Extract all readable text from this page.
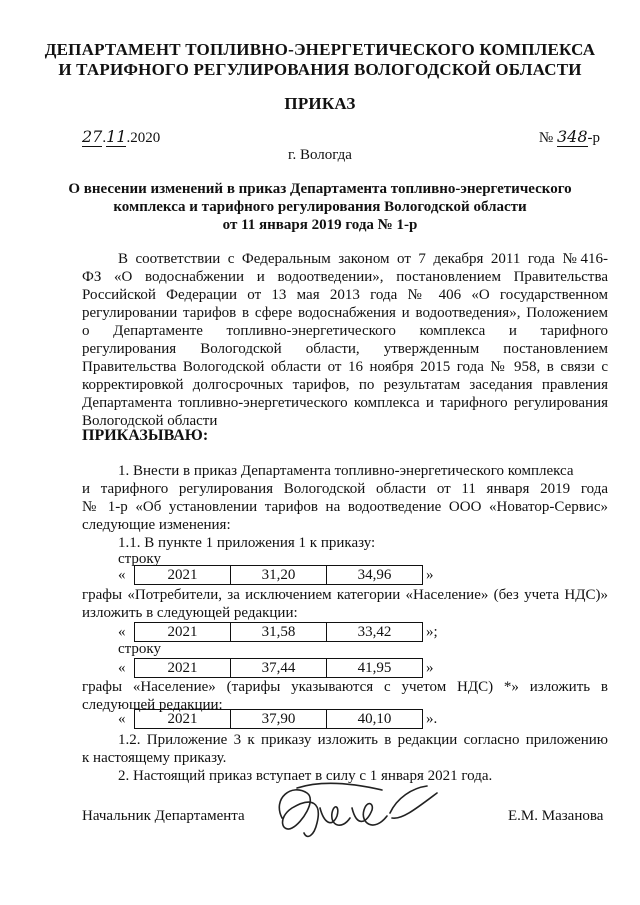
ДЕПАРТАМЕНТ ТОПЛИВНО-ЭНЕРГЕТИЧЕСКОГО КОМПЛЕКСА
И ТАРИФНОГО РЕГУЛИРОВАНИЯ ВОЛОГОДСКОЙ ОБЛАСТИ
ПРИКАЗ
27.11.2020	№ 348-р
г. Вологда
О внесении изменений в приказ Департамента топливно-энергетического
комплекса и тарифного регулирования Вологодской области
от 11 января 2019 года № 1-р
В соответствии с Федеральным законом от 7 декабря 2011 года №416-
ФЗ «О водоснабжении и водоотведении», постановлением Правительства
Российской Федерации от 13 мая 2013 года № 406 «О государственном
регулировании тарифов в сфере водоснабжения и водоотведения», Положением
о Департаменте топливно-энергетического комплекса и тарифного
регулирования Вологодской области, утвержденным постановлением
Правительства Вологодской области от 16 ноября 2015 года № 958, в связи с
корректировкой долгосрочных тарифов, по результатам заседания правления
Департамента топливно-энергетического комплекса и тарифного регулирования
Вологодской области
ПРИКАЗЫВАЮ:
1. Внести в приказ Департамента топливно-энергетического комплекса
и тарифного регулирования Вологодской области от 11 января 2019 года
№ 1-р «Об установлении тарифов на водоотведение ООО «Новатор-Сервис»
следующие изменения:
1.1. В пункте 1 приложения 1 к приказу:
строку
«	2021	31,20	34,96 »
графы «Потребители, за исключением категории «Население» (без учета НДС)»
изложить в следующей редакции:
«	2021	31,58	33,42 »;
строку
«	2021	37,44	41,95 »
графы «Население» (тарифы указываются с учетом НДС) *» изложить в
следующей редакции:
«	2021	37,90	40,10 ».
1.2. Приложение 3 к приказу изложить в редакции согласно приложению
к настоящему приказу.
2. Настоящий приказ вступает в силу с 1 января 2021 года.
Начальник Департамента	Е.М. Мазанова
